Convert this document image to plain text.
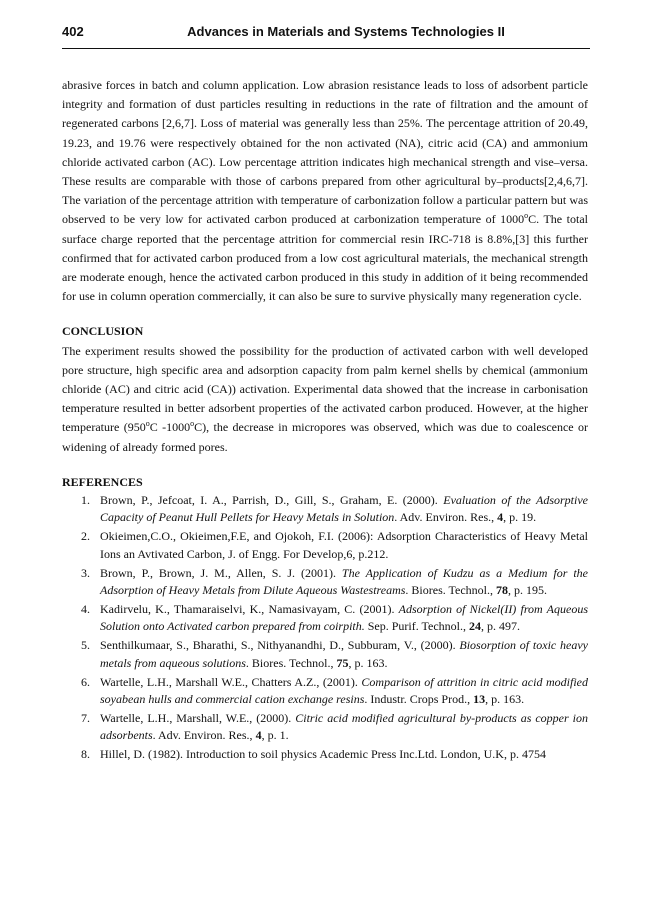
402	Advances in Materials and Systems Technologies II

abrasive forces in batch and column application. Low abrasion resistance leads to loss of adsorbent particle integrity and formation of dust particles resulting in reductions in the rate of filtration and the amount of regenerated carbons [2,6,7]. Loss of material was generally less than 25%. The percentage attrition of 20.49, 19.23, and 19.76 were respectively obtained for the non activated (NA), citric acid (CA) and ammonium chloride activated carbon (AC). Low percentage attrition indicates high mechanical strength and vise–versa. These results are comparable with those of carbons prepared from other agricultural by–products[2,4,6,7]. The variation of the percentage attrition with temperature of carbonization follow a particular pattern but was observed to be very low for activated carbon produced at carbonization temperature of 1000$^o$C. The total surface charge reported that the percentage attrition for commercial resin IRC-718 is 8.8%,[3] this further confirmed that for activated carbon produced from a low cost agricultural materials, the mechanical strength are moderate enough, hence the activated carbon produced in this study in addition of it being recommended for use in column operation commercially, it can also be sure to survive physically many regeneration cycle.

CONCLUSION

The experiment results showed the possibility for the production of activated carbon with well developed pore structure, high specific area and adsorption capacity from palm kernel shells by chemical (ammonium chloride (AC) and citric acid (CA)) activation. Experimental data showed that the increase in carbonisation temperature resulted in better adsorbent properties of the activated carbon produced. However, at the higher temperature (950$^o$C -1000$^o$C), the decrease in micropores was observed, which was due to coalescence or widening of already formed pores.

REFERENCES
1. Brown, P., Jefcoat, I. A., Parrish, D., Gill, S., Graham, E. (2000). Evaluation of the Adsorptive Capacity of Peanut Hull Pellets for Heavy Metals in Solution. Adv. Environ. Res., 4, p. 19.
2. Okieimen,C.O., Okieimen,F.E, and Ojokoh, F.I. (2006): Adsorption Characteristics of Heavy Metal Ions an Avtivated Carbon, J. of Engg. For Develop,6, p.212.
3. Brown, P., Brown, J. M., Allen, S. J. (2001). The Application of Kudzu as a Medium for the Adsorption of Heavy Metals from Dilute Aqueous Wastestreams. Biores. Technol., 78, p. 195.
4. Kadirvelu, K., Thamaraiselvi, K., Namasivayam, C. (2001). Adsorption of Nickel(II) from Aqueous Solution onto Activated carbon prepared from coirpith. Sep. Purif. Technol., 24, p. 497.
5. Senthilkumaar, S., Bharathi, S., Nithyanandhi, D., Subburam, V., (2000). Biosorption of toxic heavy metals from aqueous solutions. Biores. Technol., 75, p. 163.
6. Wartelle, L.H., Marshall W.E., Chatters A.Z., (2001). Comparison of attrition in citric acid modified soyabean hulls and commercial cation exchange resins. Industr. Crops Prod., 13, p. 163.
7. Wartelle, L.H., Marshall, W.E., (2000). Citric acid modified agricultural by-products as copper ion adsorbents. Adv. Environ. Res., 4, p. 1.
8. Hillel, D. (1982). Introduction to soil physics Academic Press Inc.Ltd. London, U.K, p. 4754
